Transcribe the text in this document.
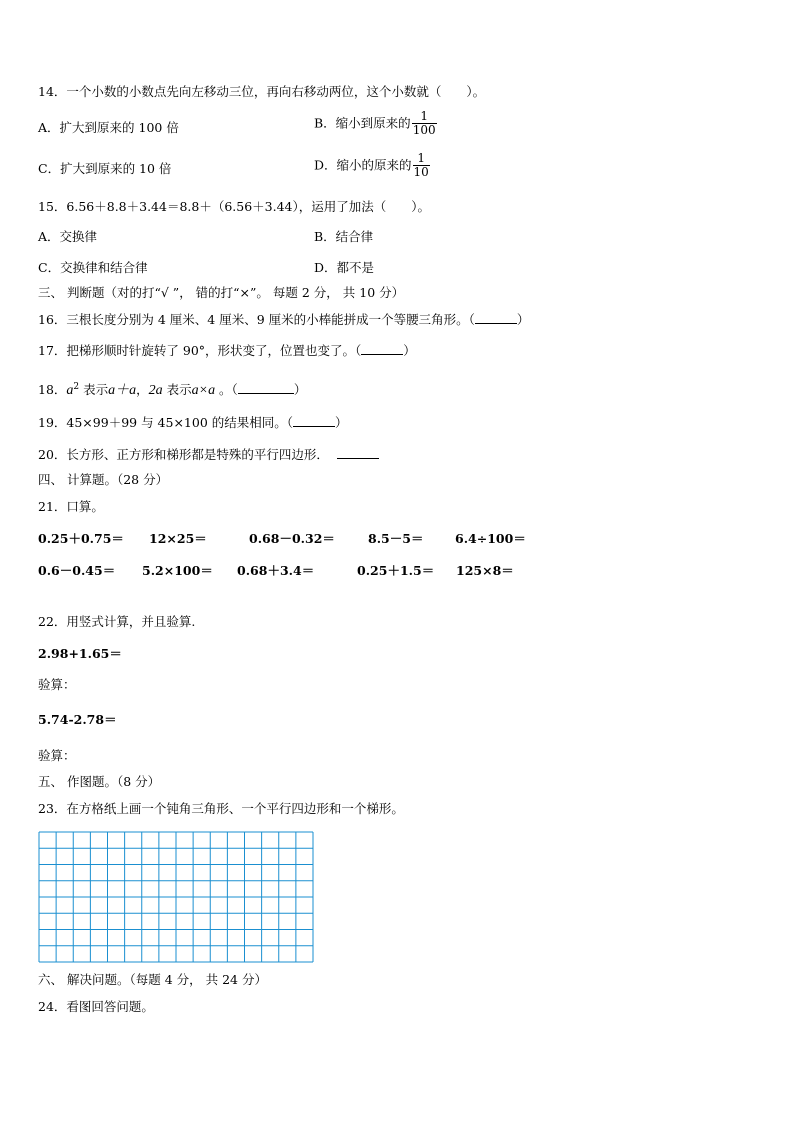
14．一个小数的小数点先向左移动三位，再向右移动两位，这个小数就（　　）。
A．扩大到原来的 100 倍	B．缩小到原来的 $\frac{1}{100}$
C．扩大到原来的 10 倍	D．缩小的原来的 $\frac{1}{10}$
15．6.56＋8.8＋3.44＝8.8＋（6.56＋3.44），运用了加法（　　）。
A．交换律	B．结合律
C．交换律和结合律	D．都不是
三、 判断题（对的打“√ ”， 错的打“×”。 每题 2 分， 共 10 分）
16．三根长度分别为 4 厘米、4 厘米、9 厘米的小棒能拼成一个等腰三角形。（	）
17．把梯形顺时针旋转了 90°，形状变了，位置也变了。（	）
18．$a^2$ 表示a＋a，2a 表示a×a 。（	）
19．45×99＋99 与 45×100 的结果相同。（	）
20．长方形、正方形和梯形都是特殊的平行四边形．
四、 计算题。（28 分）
21．口算。
0.25＋0.75＝ 12×25＝	0.68－0.32＝	8.5－5＝	6.4÷100＝
0.6－0.45＝ 5.2×100＝ 0.68＋3.4＝	0.25＋1.5＝ 125×8＝
22．用竖式计算，并且验算.
2.98+1.65＝
验算：
5.74-2.78＝
验算：
五、 作图题。（8 分）
23．在方格纸上画一个钝角三角形、一个平行四边形和一个梯形。
六、 解决问题。（每题 4 分， 共 24 分）
24．看图回答问题。
